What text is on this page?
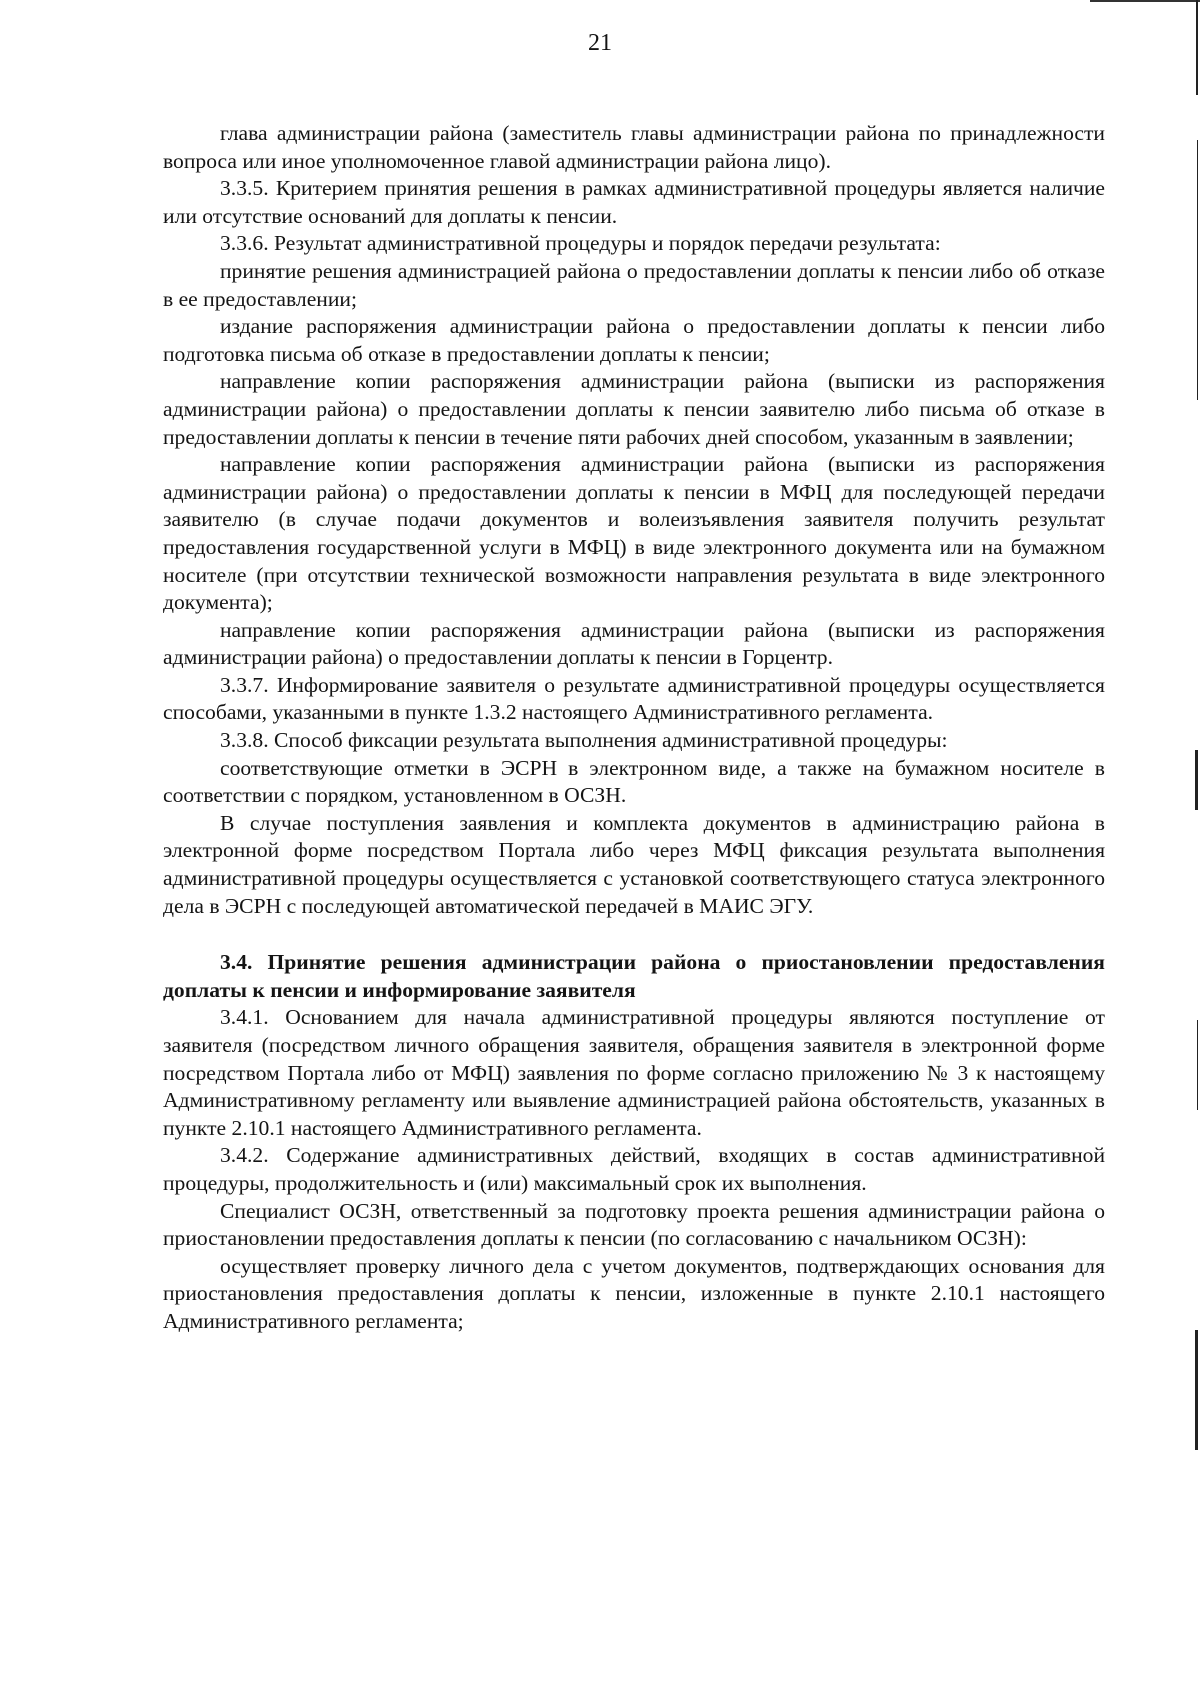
21

глава администрации района (заместитель главы администрации района по принадлежности вопроса или иное уполномоченное главой администрации района лицо).

3.3.5. Критерием принятия решения в рамках административной процедуры является наличие или отсутствие оснований для доплаты к пенсии.

3.3.6. Результат административной процедуры и порядок передачи результата:

принятие решения администрацией района о предоставлении доплаты к пенсии либо об отказе в ее предоставлении;

издание распоряжения администрации района о предоставлении доплаты к пенсии либо подготовка письма об отказе в предоставлении доплаты к пенсии;

направление копии распоряжения администрации района (выписки из распоряжения администрации района) о предоставлении доплаты к пенсии заявителю либо письма об отказе в предоставлении доплаты к пенсии в течение пяти рабочих дней способом, указанным в заявлении;

направление копии распоряжения администрации района (выписки из распоряжения администрации района) о предоставлении доплаты к пенсии в МФЦ для последующей передачи заявителю (в случае подачи документов и волеизъявления заявителя получить результат предоставления государственной услуги в МФЦ) в виде электронного документа или на бумажном носителе (при отсутствии технической возможности направления результата в виде электронного документа);

направление копии распоряжения администрации района (выписки из распоряжения администрации района) о предоставлении доплаты к пенсии в Горцентр.

3.3.7. Информирование заявителя о результате административной процедуры осуществляется способами, указанными в пункте 1.3.2 настоящего Административного регламента.

3.3.8. Способ фиксации результата выполнения административной процедуры:

соответствующие отметки в ЭСРН в электронном виде, а также на бумажном носителе в соответствии с порядком, установленном в ОСЗН.

В случае поступления заявления и комплекта документов в администрацию района в электронной форме посредством Портала либо через МФЦ фиксация результата выполнения административной процедуры осуществляется с установкой соответствующего статуса электронного дела в ЭСРН с последующей автоматической передачей в МАИС ЭГУ.

3.4. Принятие решения администрации района о приостановлении предоставления доплаты к пенсии и информирование заявителя

3.4.1. Основанием для начала административной процедуры являются поступление от заявителя (посредством личного обращения заявителя, обращения заявителя в электронной форме посредством Портала либо от МФЦ) заявления по форме согласно приложению № 3 к настоящему Административному регламенту или выявление администрацией района обстоятельств, указанных в пункте 2.10.1 настоящего Административного регламента.

3.4.2. Содержание административных действий, входящих в состав административной процедуры, продолжительность и (или) максимальный срок их выполнения.

Специалист ОСЗН, ответственный за подготовку проекта решения администрации района о приостановлении предоставления доплаты к пенсии (по согласованию с начальником ОСЗН):

осуществляет проверку личного дела с учетом документов, подтверждающих основания для приостановления предоставления доплаты к пенсии, изложенные в пункте 2.10.1 настоящего Административного регламента;
